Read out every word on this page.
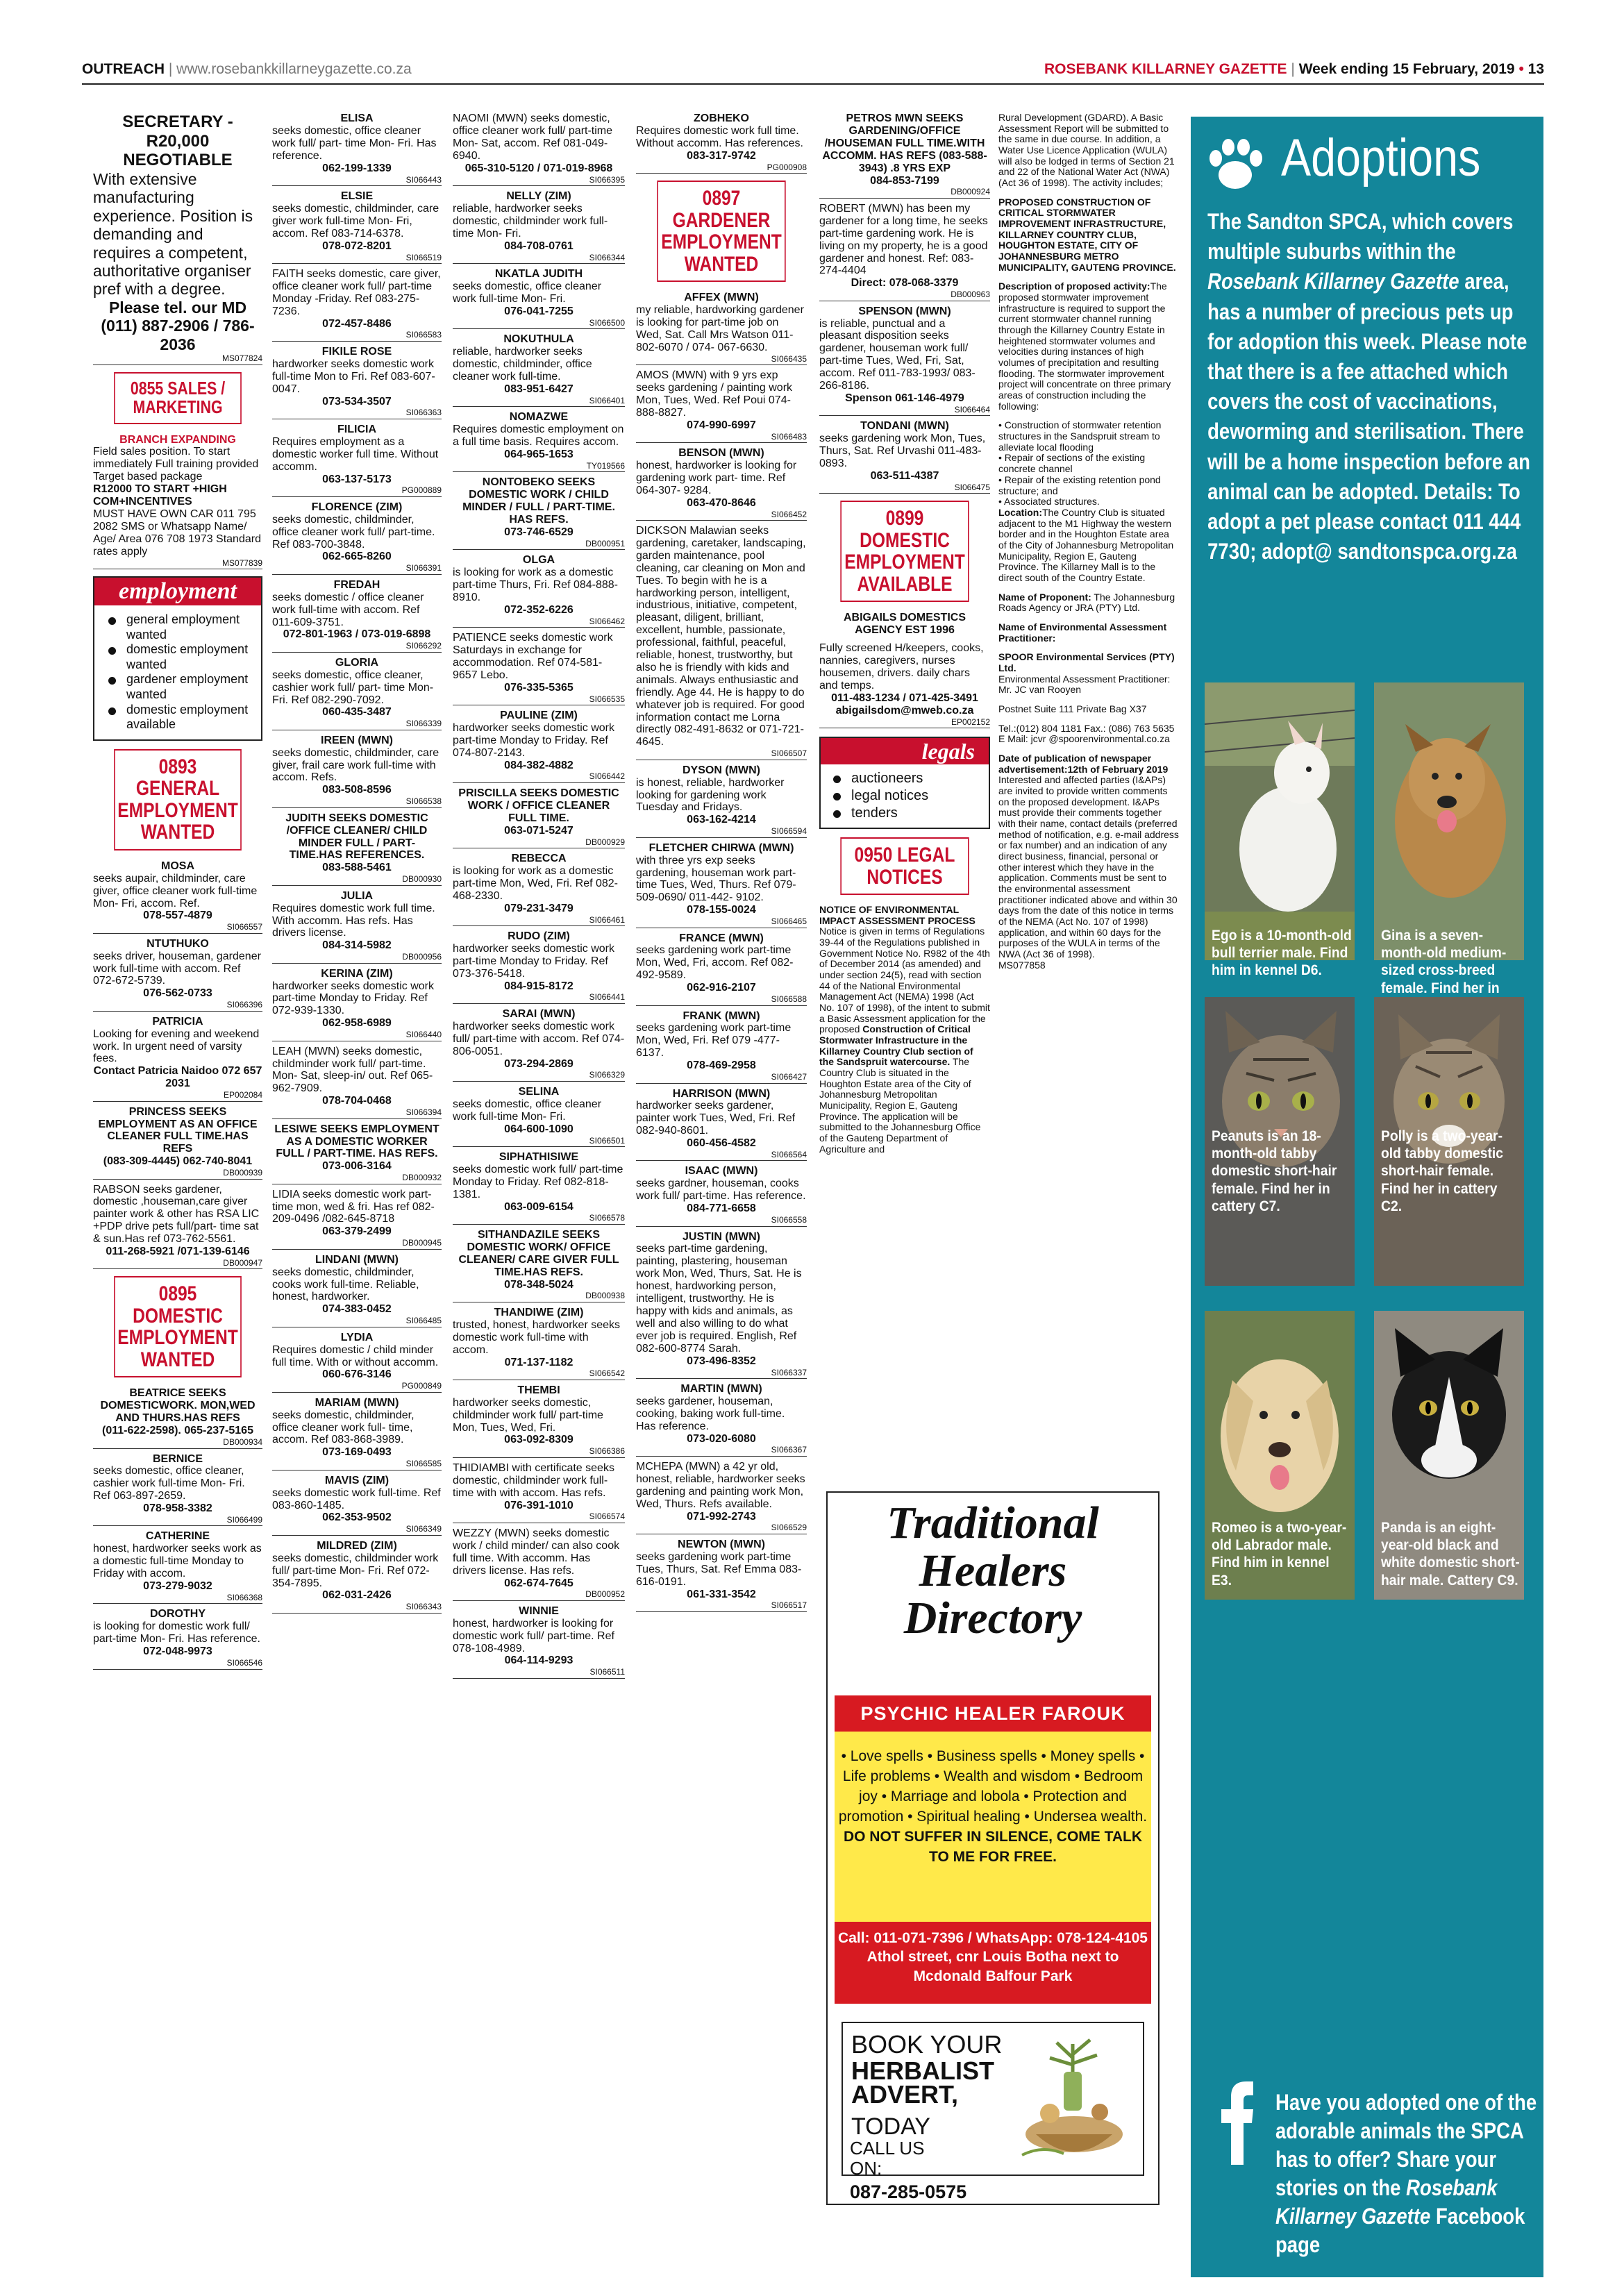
OUTREACH | www.rosebankkillarneygazette.co.za	ROSEBANK KILLARNEY GAZETTE | Week ending 15 February, 2019 • 13
SECRETARY - R20,000 NEGOTIABLE

With extensive manufacturing experience. Position is demanding and requires a competent, authoritative organiser pref with a degree.

Please tel. our MD (011) 887-2906 / 786-2036
MS077824
0855 SALES / MARKETING
BRANCH EXPANDING

Field sales position. To start immediately Full training provided Target based package

R12000 TO START +HIGH COM+INCENTIVES

MUST HAVE OWN CAR 011 795 2082 SMS or Whatsapp Name/ Age/ Area 076 708 1973 Standard rates apply

MS077839
employment
general employment wanted
domestic employment wanted
gardener employment wanted
domestic employment available
0893 GENERAL EMPLOYMENT WANTED
MOSA

seeks aupair, childminder, care giver, office cleaner work full-time Mon- Fri, accom. Ref.

078-557-4879
SI066557
NTUTHUKO

seeks driver, houseman, gardener work full-time with accom. Ref 072-672-5739.

076-562-0733
SI066396
PATRICIA

Looking for evening and weekend work. In urgent need of varsity fees.

Contact Patricia Naidoo 072 657 2031
EP002084
PRINCESS SEEKS EMPLOYMENT AS AN OFFICE CLEANER FULL TIME.HAS REFS
(083-309-4445) 062-740-8041
DB000939

RABSON seeks gardener, domestic ,houseman,care giver painter work & other has RSA LIC +PDP drive pets full/part- time sat & sun.Has ref 073-762-5561.

011-268-5921 /071-139-6146
DB000947
0895 DOMESTIC EMPLOYMENT WANTED
BEATRICE SEEKS DOMESTICWORK. MON,WED AND THURS.HAS REFS
(011-622-2598). 065-237-5165
DB000934
BERNICE

seeks domestic, office cleaner, cashier work full-time Mon- Fri. Ref 063-897-2659.

078-958-3382
SI066499
CATHERINE

honest, hardworker seeks work as a domestic full-time Monday to Friday with accom.

073-279-9032
SI066368
DOROTHY

is looking for domestic work full/ part-time Mon- Fri. Has reference.

072-048-9973
SI066546
ELISA

seeks domestic, office cleaner work full/ part- time Mon- Fri. Has reference.

062-199-1339
SI066443
ELSIE

seeks domestic, childminder, care giver work full-time Mon- Fri, accom. Ref 083-714-6378.

078-072-8201
SI066519

FAITH seeks domestic, care giver, office cleaner work full/ part-time Monday -Friday. Ref 083-275-7236.

072-457-8486
SI066583
FIKILE ROSE

hardworker seeks domestic work full-time Mon to Fri. Ref 083-607-0047.

073-534-3507
SI066363
FILICIA

Requires employment as a domestic worker full time. Without accomm.

063-137-5173
PG000889
FLORENCE (ZIM)

seeks domestic, childminder, office cleaner work full/ part-time. Ref 083-700-3848.

062-665-8260
SI066391
FREDAH

seeks domestic / office cleaner work full-time with accom. Ref 011-609-3751.

072-801-1963 / 073-019-6898
SI066292
GLORIA

seeks domestic, office cleaner, cashier work full/ part- time Mon- Fri. Ref 082-290-7092.

060-435-3487
SI066339
IREEN (MWN)

seeks domestic, childminder, care giver, frail care work full-time with accom. Refs.

083-508-8596
SI066538
JUDITH SEEKS DOMESTIC /OFFICE CLEANER/ CHILD MINDER FULL / PART-TIME.HAS REFERENCES.
083-588-5461
DB000930
JULIA

Requires domestic work full time. With accomm. Has refs. Has drivers license.

084-314-5982
DB000956
KERINA (ZIM)

hardworker seeks domestic work part-time Monday to Friday. Ref 072-939-1330.

062-958-6989
SI066440

LEAH (MWN) seeks domestic, childminder work full/ part-time. Mon- Sat, sleep-in/ out. Ref 065-962-7909.

078-704-0468
SI066394
LESIWE SEEKS EMPLOYMENT AS A DOMESTIC WORKER FULL / PART-TIME. HAS REFS.
073-006-3164
DB000932

LIDIA seeks domestic work part-time mon, wed & fri. Has ref 082-209-0496 /082-645-8718

063-379-2499
DB000945
LINDANI (MWN)

seeks domestic, childminder, cooks work full-time. Reliable, honest, hardworker.

074-383-0452
SI066485
LYDIA

Requires domestic / child minder full time. With or without accomm.

060-676-3146
PG000849
MARIAM (MWN)

seeks domestic, childminder, office cleaner work full- time, accom. Ref 083-868-3989.

073-169-0493
SI066585
MAVIS (ZIM)

seeks domestic work full-time. Ref 083-860-1485.

062-353-9502
SI066349
MILDRED (ZIM)

seeks domestic, childminder work full/ part-time Mon- Fri. Ref 072-354-7895.

062-031-2426
SI066343

NAOMI (MWN) seeks domestic, office cleaner work full/ part-time Mon- Sat, accom. Ref 081-049-6940.

065-310-5120 / 071-019-8968
SI066395
NELLY (ZIM)

reliable, hardworker seeks domestic, childminder work full-time Mon- Fri.

084-708-0761
SI066344
NKATLA JUDITH

seeks domestic, office cleaner work full-time Mon- Fri.

076-041-7255
SI066500
NOKUTHULA

reliable, hardworker seeks domestic, childminder, office cleaner work full-time.

083-951-6427
SI066401
NOMAZWE

Requires domestic employment on a full time basis. Requires accom.

064-965-1653
TY019566
NONTOBEKO SEEKS DOMESTIC WORK / CHILD MINDER / FULL / PART-TIME. HAS REFS.
073-746-6529
DB000951
OLGA

is looking for work as a domestic part-time Thurs, Fri. Ref 084-888-8910.

072-352-6226
SI066462

PATIENCE seeks domestic work Saturdays in exchange for accommodation. Ref 074-581-9657 Lebo.

076-335-5365
SI066535
PAULINE (ZIM)

hardworker seeks domestic work part-time Monday to Friday. Ref 074-807-2143.

084-382-4882
SI066442
PRISCILLA SEEKS DOMESTIC WORK / OFFICE CLEANER FULL TIME.
063-071-5247
DB000929
REBECCA

is looking for work as a domestic part-time Mon, Wed, Fri. Ref 082-468-2330.

079-231-3479
SI066461
RUDO (ZIM)

hardworker seeks domestic work part-time Monday to Friday. Ref 073-376-5418.

084-915-8172
SI066441
SARAI (MWN)

hardworker seeks domestic work full/ part-time with accom. Ref 074-806-0051.

073-294-2869
SI066329
SELINA

seeks domestic, office cleaner work full-time Mon- Fri.

064-600-1090
SI066501
SIPHATHISIWE

seeks domestic work full/ part-time Monday to Friday. Ref 082-818-1381.

063-009-6154
SI066578
SITHANDAZILE SEEKS DOMESTIC WORK/ OFFICE CLEANER/ CARE GIVER FULL TIME.HAS REFS.
078-348-5024
DB000938
THANDIWE (ZIM)

trusted, honest, hardworker seeks domestic work full-time with accom.

071-137-1182
SI066542
THEMBI

hardworker seeks domestic, childminder work full/ part-time Mon, Tues, Wed, Fri.

063-092-8309
SI066386

THIDIAMBI with certificate seeks domestic, childminder work full- time with with accom. Has refs.

076-391-1010
SI066574

WEZZY (MWN) seeks domestic work / child minder/ can also cook full time. With accomm. Has drivers license. Has refs.

062-674-7645
DB000952
WINNIE

honest, hardworker is looking for domestic work full/ part-time. Ref 078-108-4989.

064-114-9293
SI066511
ZOBHEKO

Requires domestic work full time. Without accomm. Has references.

083-317-9742
PG000908
0897 GARDENER EMPLOYMENT WANTED
AFFEX (MWN)

my reliable, hardworking gardener is looking for part-time job on Wed, Sat. Call Mrs Watson 011-802-6070 / 074- 067-6630.

SI066435

AMOS (MWN) with 9 yrs exp seeks gardening / painting work Mon, Tues, Wed. Ref Poui 074-888-8827.

074-990-6997
SI066483
BENSON (MWN)

honest, hardworker is looking for gardening work part- time. Ref 064-307- 9284.

063-470-8646
SI066452

DICKSON Malawian seeks gardening, caretaker, landscaping, garden maintenance, pool cleaning, car cleaning on Mon and Tues. To begin with he is a hardworking person, intelligent, industrious, initiative, competent, pleasant, diligent, brilliant, excellent, humble, passionate, professional, faithful, peaceful, reliable, honest, trustworthy, but also he is friendly with kids and animals. Always enthusiastic and friendly. Age 44. He is happy to do whatever job is required. For good information contact me Lorna directly 082-491-8632 or 071-721-4645.

SI066507
DYSON (MWN)

is honest, reliable, hardworker looking for gardening work Tuesday and Fridays.

063-162-4214
SI066594
FLETCHER CHIRWA (MWN)

with three yrs exp seeks gardening, houseman work part- time Tues, Wed, Thurs. Ref 079-509-0690/ 011-442- 9102.

078-155-0024
SI066465
FRANCE (MWN)

seeks gardening work part-time Mon, Wed, Fri, accom. Ref 082-492-9589.

062-916-2107
SI066588
FRANK (MWN)

seeks gardening work part-time Mon, Wed, Fri. Ref 079 -477-6137.

078-469-2958
SI066427
HARRISON (MWN)

hardworker seeks gardener, painter work Tues, Wed, Fri. Ref 082-940-8601.

060-456-4582
SI066564
ISAAC (MWN)

seeks gardner, houseman, cooks work full/ part-time. Has reference.

084-771-6658
SI066558
JUSTIN (MWN)

seeks part-time gardening, painting, plastering, houseman work Mon, Wed, Thurs, Sat. He is honest, hardworking person, intelligent, trustworthy. He is happy with kids and animals, as well and also willing to do what ever job is required. English, Ref 082-600-8774 Sarah.

073-496-8352
SI066337
MARTIN (MWN)

seeks gardener, houseman, cooking, baking work full-time. Has reference.

073-020-6080
SI066367

MCHEPA (MWN) a 42 yr old, honest, reliable, hardworker seeks gardening and painting work Mon, Wed, Thurs. Refs available.

071-992-2743
SI066529
NEWTON (MWN)

seeks gardening work part-time Tues, Thurs, Sat. Ref Emma 083-616-0191.

061-331-3542
SI066517
PETROS MWN SEEKS GARDENING/OFFICE /HOUSEMAN FULL TIME.WITH ACCOMM. HAS REFS (083-588-3943) .8 YRS EXP
084-853-7199
DB000924

ROBERT (MWN) has been my gardener for a long time, he seeks part-time gardening work. He is living on my property, he is a good gardener and honest. Ref: 083- 274-4404

Direct: 078-068-3379
DB000963
SPENSON (MWN)

is reliable, punctual and a pleasant disposition seeks gardener, houseman work full/ part-time Tues, Wed, Fri, Sat, accom. Ref 011-783-1993/ 083-266-8186.

Spenson 061-146-4979
SI066464
TONDANI (MWN)

seeks gardening work Mon, Tues, Thurs, Sat. Ref Urvashi 011-483-0893.

063-511-4387
SI066475
0899 DOMESTIC EMPLOYMENT AVAILABLE
ABIGAILS DOMESTICS AGENCY EST 1996

Fully screened H/keepers, cooks, nannies, caregivers, nurses housemen, drivers. daily chars and temps.

011-483-1234 / 071-425-3491 abigailsdom@mweb.co.za
EP002152
legals
auctioneers
legal notices
tenders
0950 LEGAL NOTICES

NOTICE OF ENVIRONMENTAL IMPACT ASSESSMENT PROCESS

Notice is given in terms of Regulations 39-44 of the Regulations published in Government Notice No. R982 of the 4th of December 2014 (as amended) and under section 24(5), read with section 44 of the National Environmental Management Act (NEMA) 1998 (Act No. 107 of 1998), of the intent to submit a Basic Assessment application for the proposed Construction of Critical Stormwater Infrastructure in the Killarney Country Club section of the Sandspruit watercourse. The Country Club is situated in the Houghton Estate area of the City of Johannesburg Metropolitan Municipality, Region E, Gauteng Province. The application will be submitted to the Johannesburg Office of the Gauteng Department of Agriculture and

Rural Development (GDARD). A Basic Assessment Report will be submitted to the same in due course. In addition, a Water Use Licence Application (WULA) will also be lodged in terms of Section 21 and 22 of the National Water Act (NWA) (Act 36 of 1998). The activity includes;

PROPOSED CONSTRUCTION OF CRITICAL STORMWATER IMPROVEMENT INFRASTRUCTURE, KILLARNEY COUNTRY CLUB, HOUGHTON ESTATE, CITY OF JOHANNESBURG METRO MUNICIPALITY, GAUTENG PROVINCE.

Description of proposed activity:The proposed stormwater improvement infrastructure is required to support the current stormwater channel running through the Killarney Country Estate in heightened stormwater volumes and velocities during instances of high volumes of precipitation and resulting flooding. The stormwater improvement project will concentrate on three primary areas of construction including the following:

• Construction of stormwater retention structures in the Sandspruit stream to alleviate local flooding

• Repair of sections of the existing concrete channel

• Repair of the existing retention pond structure; and

• Associated structures.

Location:The Country Club is situated adjacent to the M1 Highway the western border and in the Houghton Estate area of the City of Johannesburg Metropolitan Municipality, Region E, Gauteng Province. The Killarney Mall is to the direct south of the Country Estate.

Name of Proponent: The Johannesburg Roads Agency or JRA (PTY) Ltd.

Name of Environmental Assessment Practitioner:

SPOOR Environmental Services (PTY) Ltd.

Environmental Assessment Practitioner: Mr. JC van Rooyen

Postnet Suite 111 Private Bag X37

Tel.:(012) 804 1181 Fax.: (086) 763 5635 E Mail: jcvr @spoorenvironmental.co.za

Date of publication of newspaper advertisement:12th of February 2019

Interested and affected parties (I&APs) are invited to provide written comments on the proposed development. I&APs must provide their comments together with their name, contact details (preferred method of notification, e.g. e-mail address or fax number) and an indication of any direct business, financial, personal or other interest which they have in the application. Comments must be sent to the environmental assessment practitioner indicated above and within 30 days from the date of this notice in terms of the NEMA (Act No. 107 of 1998) application, and within 60 days for the purposes of the WULA in terms of the NWA (Act 36 of 1998).

MS077858
Traditional Healers Directory
PSYCHIC HEALER FAROUK
• Love spells • Business spells • Money spells • Life problems • Wealth and wisdom • Bedroom joy • Marriage and lobola • Protection and promotion • Spiritual healing • Undersea wealth. DO NOT SUFFER IN SILENCE, COME TALK TO ME FOR FREE.
Call: 011-071-7396 / WhatsApp: 078-124-4105 Athol street, cnr Louis Botha next to Mcdonald Balfour Park
BOOK YOUR
HERBALIST
ADVERT,
TODAY
CALL US ON:
087-285-0575
Adoptions
The Sandton SPCA, which covers multiple suburbs within the Rosebank Killarney Gazette area, has a number of precious pets up for adoption this week. Please note that there is a fee attached which covers the cost of vaccinations, deworming and sterilisation. There will be a home inspection before an animal can be adopted. Details: To adopt a pet please contact 011 444 7730; adopt@ sandtonspca.org.za
Ego is a 10-month-old bull terrier male. Find him in kennel D6.
Gina is a seven-month-old medium-sized cross-breed female. Find her in
Peanuts is an 18-month-old tabby domestic short-hair female. Find her in cattery C7.
Polly is a two-year-old tabby domestic short-hair female. Find her in cattery C2.
Romeo is a two-year-old Labrador male. Find him in kennel E3.
Panda is an eight-year-old black and white domestic short-hair male. Cattery C9.
Have you adopted one of the adorable animals the SPCA has to offer? Share your stories on the Rosebank Killarney Gazette Facebook page
